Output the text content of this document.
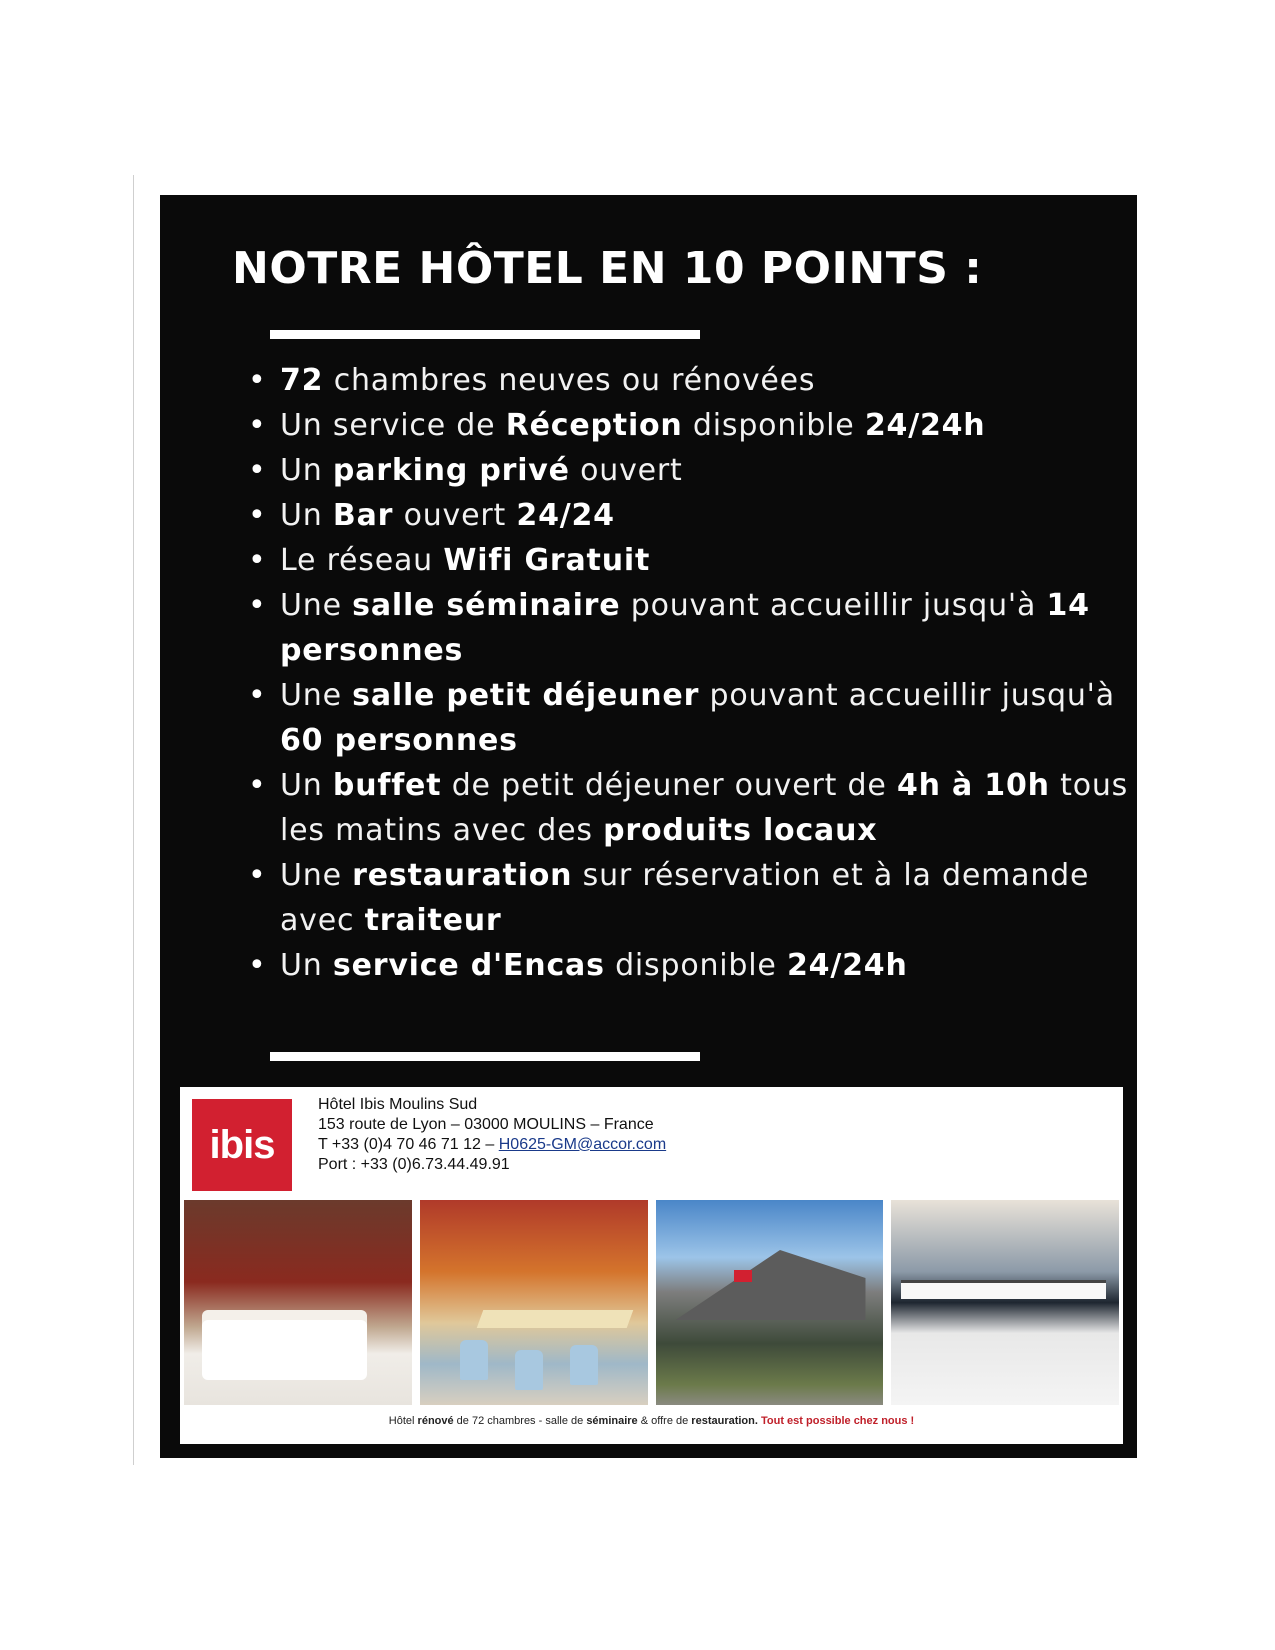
NOTRE HÔTEL EN 10 POINTS :
• 72 chambres neuves ou rénovées
• Un service de Réception disponible 24/24h
• Un parking privé ouvert
• Un Bar ouvert 24/24
• Le réseau Wifi Gratuit
• Une salle séminaire pouvant accueillir jusqu'à 14 personnes
• Une salle petit déjeuner pouvant accueillir jusqu'à 60 personnes
• Un buffet de petit déjeuner ouvert de 4h à 10h tous les matins avec des produits locaux
• Une restauration sur réservation et à la demande avec traiteur
• Un service d'Encas disponible 24/24h
ibis
Hôtel Ibis Moulins Sud
153 route de Lyon – 03000 MOULINS – France
T +33 (0)4 70 46 71 12 – H0625-GM@accor.com
Port : +33 (0)6.73.44.49.91
Hôtel rénové de 72 chambres - salle de séminaire & offre de restauration. Tout est possible chez nous !
